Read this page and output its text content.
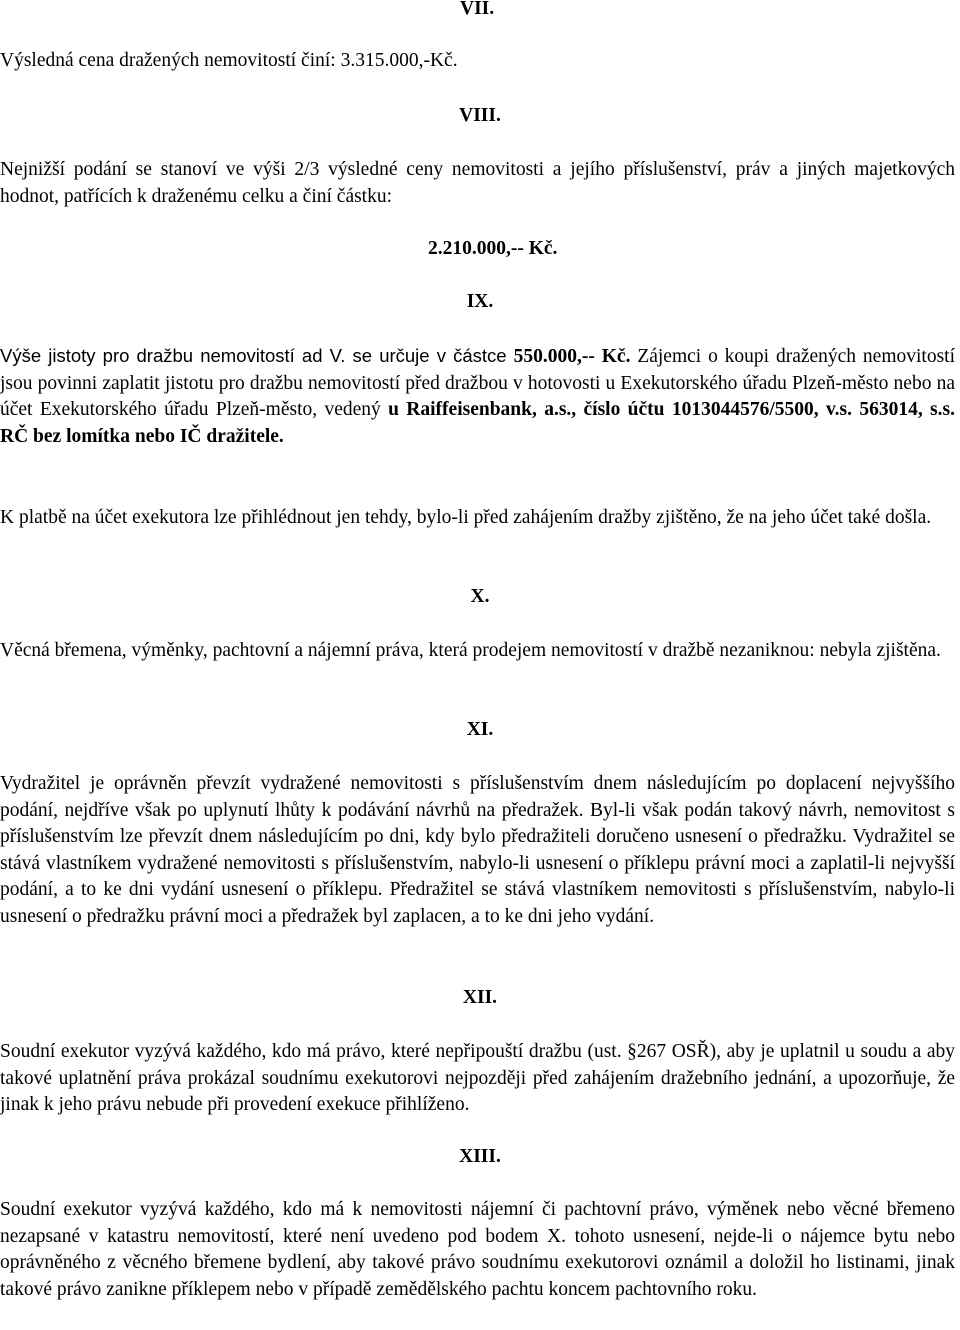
VII.

Výsledná cena dražených nemovitostí činí: 3.315.000,-Kč.

VIII.

Nejnižší podání se stanoví ve výši 2/3 výsledné ceny nemovitosti a jejího příslušenství, práv a jiných majetkových hodnot, patřících k draženému celku a činí částku:

2.210.000,-- Kč.

IX.

Výše jistoty pro dražbu nemovitostí ad V. se určuje v částce 550.000,-- Kč. Zájemci o koupi dražených nemovitostí jsou povinni zaplatit jistotu pro dražbu nemovitostí před dražbou v hotovosti u Exekutorského úřadu Plzeň-město nebo na účet Exekutorského úřadu Plzeň-město, vedený u Raiffeisenbank, a.s., číslo účtu 1013044576/5500, v.s. 563014, s.s. RČ bez lomítka nebo IČ dražitele.

K platbě na účet exekutora lze přihlédnout jen tehdy, bylo-li před zahájením dražby zjištěno, že na jeho účet také došla.

X.

Věcná břemena, výměnky, pachtovní a nájemní práva, která prodejem nemovitostí v dražbě nezaniknou: nebyla zjištěna.

XI.

Vydražitel je oprávněn převzít vydražené nemovitosti s příslušenstvím dnem následujícím po doplacení nejvyššího podání, nejdříve však po uplynutí lhůty k podávání návrhů na předražek. Byl-li však podán takový návrh, nemovitost s příslušenstvím lze převzít dnem následujícím po dni, kdy bylo předražiteli doručeno usnesení o předražku. Vydražitel se stává vlastníkem vydražené nemovitosti s příslušenstvím, nabylo-li usnesení o příklepu právní moci a zaplatil-li nejvyšší podání, a to ke dni vydání usnesení o příklepu. Předražitel se stává vlastníkem nemovitosti s příslušenstvím, nabylo-li usnesení o předražku právní moci a předražek byl zaplacen, a to ke dni jeho vydání.

XII.

Soudní exekutor vyzývá každého, kdo má právo, které nepřipouští dražbu (ust. §267 OSŘ), aby je uplatnil u soudu a aby takové uplatnění práva prokázal soudnímu exekutorovi nejpozději před zahájením dražebního jednání, a upozorňuje, že jinak k jeho právu nebude při provedení exekuce přihlíženo.

XIII.

Soudní exekutor vyzývá každého, kdo má k nemovitosti nájemní či pachtovní právo, výměnek nebo věcné břemeno nezapsané v katastru nemovitostí, které není uvedeno pod bodem X. tohoto usnesení, nejde-li o nájemce bytu nebo oprávněného z věcného břemene bydlení, aby takové právo soudnímu exekutorovi oznámil a doložil ho listinami, jinak takové právo zanikne příklepem nebo v případě zemědělského pachtu koncem pachtovního roku.
